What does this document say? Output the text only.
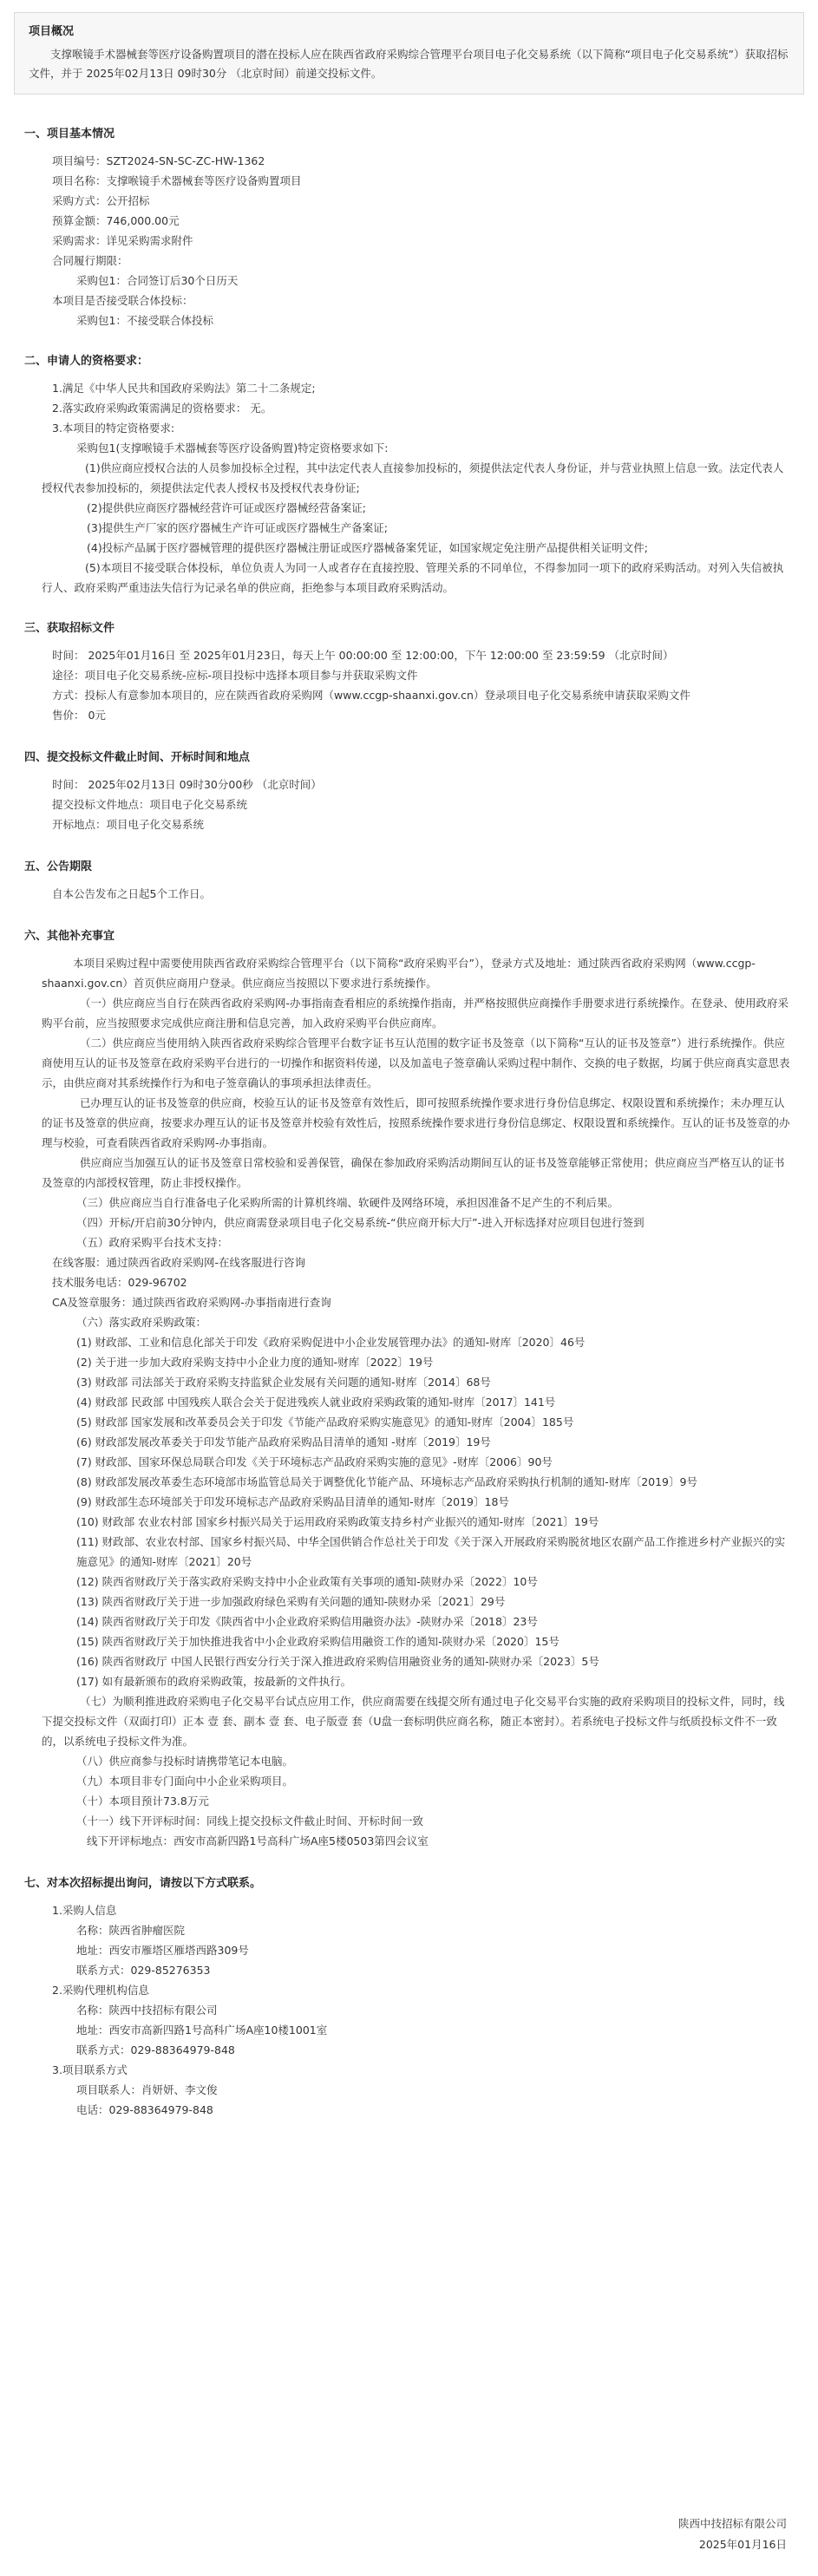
项目概况
支撑喉镜手术器械套等医疗设备购置项目的潜在投标人应在陕西省政府采购综合管理平台项目电子化交易系统（以下简称“项目电子化交易系统”）获取招标文件，并于 2025年02月13日 09时30分 （北京时间）前递交投标文件。
一、项目基本情况
项目编号：SZT2024-SN-SC-ZC-HW-1362
项目名称：支撑喉镜手术器械套等医疗设备购置项目
采购方式：公开招标
预算金额：746,000.00元
采购需求：详见采购需求附件
合同履行期限：
采购包1：合同签订后30个日历天
本项目是否接受联合体投标：
采购包1：不接受联合体投标
二、申请人的资格要求：
1.满足《中华人民共和国政府采购法》第二十二条规定;
2.落实政府采购政策需满足的资格要求： 无。
3.本项目的特定资格要求:
采购包1(支撑喉镜手术器械套等医疗设备购置)特定资格要求如下:
(1)供应商应授权合法的人员参加投标全过程，其中法定代表人直接参加投标的，须提供法定代表人身份证，并与营业执照上信息一致。法定代表人授权代表参加投标的，须提供法定代表人授权书及授权代表身份证;
(2)提供供应商医疗器械经营许可证或医疗器械经营备案证;
(3)提供生产厂家的医疗器械生产许可证或医疗器械生产备案证;
(4)投标产品属于医疗器械管理的提供医疗器械注册证或医疗器械备案凭证，如国家规定免注册产品提供相关证明文件;
(5)本项目不接受联合体投标，单位负责人为同一人或者存在直接控股、管理关系的不同单位，不得参加同一项下的政府采购活动。对列入失信被执行人、政府采购严重违法失信行为记录名单的供应商，拒绝参与本项目政府采购活动。
三、获取招标文件
时间： 2025年01月16日 至 2025年01月23日，每天上午 00:00:00 至 12:00:00，下午 12:00:00 至 23:59:59 （北京时间）
途径：项目电子化交易系统-应标-项目投标中选择本项目参与并获取采购文件
方式：投标人有意参加本项目的，应在陕西省政府采购网（www.ccgp-shaanxi.gov.cn）登录项目电子化交易系统申请获取采购文件
售价： 0元
四、提交投标文件截止时间、开标时间和地点
时间： 2025年02月13日 09时30分00秒 （北京时间）
提交投标文件地点：项目电子化交易系统
开标地点：项目电子化交易系统
五、公告期限
自本公告发布之日起5个工作日。
六、其他补充事宜
本项目采购过程中需要使用陕西省政府采购综合管理平台（以下简称“政府采购平台”），登录方式及地址：通过陕西省政府采购网（www.ccgp-shaanxi.gov.cn）首页供应商用户登录。供应商应当按照以下要求进行系统操作。
（一）供应商应当自行在陕西省政府采购网-办事指南查看相应的系统操作指南，并严格按照供应商操作手册要求进行系统操作。在登录、使用政府采购平台前，应当按照要求完成供应商注册和信息完善，加入政府采购平台供应商库。
（二）供应商应当使用纳入陕西省政府采购综合管理平台数字证书互认范围的数字证书及签章（以下简称“互认的证书及签章”）进行系统操作。供应商使用互认的证书及签章在政府采购平台进行的一切操作和据资料传递，以及加盖电子签章确认采购过程中制作、交换的电子数据，均属于供应商真实意思表示，由供应商对其系统操作行为和电子签章确认的事项承担法律责任。
已办理互认的证书及签章的供应商，校验互认的证书及签章有效性后，即可按照系统操作要求进行身份信息绑定、权限设置和系统操作；未办理互认的证书及签章的供应商，按要求办理互认的证书及签章并校验有效性后，按照系统操作要求进行身份信息绑定、权限设置和系统操作。互认的证书及签章的办理与校验，可查看陕西省政府采购网-办事指南。
供应商应当加强互认的证书及签章日常校验和妥善保管，确保在参加政府采购活动期间互认的证书及签章能够正常使用；供应商应当严格互认的证书及签章的内部授权管理，防止非授权操作。
（三）供应商应当自行准备电子化采购所需的计算机终端、软硬件及网络环境，承担因准备不足产生的不利后果。
（四）开标/开启前30分钟内，供应商需登录项目电子化交易系统-“供应商开标大厅”-进入开标选择对应项目包进行签到
（五）政府采购平台技术支持：
在线客服：通过陕西省政府采购网-在线客服进行咨询
技术服务电话：029-96702
CA及签章服务：通过陕西省政府采购网-办事指南进行查询
（六）落实政府采购政策：
(1) 财政部、工业和信息化部关于印发《政府采购促进中小企业发展管理办法》的通知-财库〔2020〕46号
(2) 关于进一步加大政府采购支持中小企业力度的通知-财库〔2022〕19号
(3) 财政部 司法部关于政府采购支持监狱企业发展有关问题的通知-财库〔2014〕68号
(4) 财政部 民政部 中国残疾人联合会关于促进残疾人就业政府采购政策的通知-财库〔2017〕141号
(5) 财政部 国家发展和改革委员会关于印发《节能产品政府采购实施意见》的通知-财库〔2004〕185号
(6) 财政部发展改革委关于印发节能产品政府采购品目清单的通知 -财库〔2019〕19号
(7) 财政部、国家环保总局联合印发《关于环境标志产品政府采购实施的意见》-财库〔2006〕90号
(8) 财政部发展改革委生态环境部市场监管总局关于调整优化节能产品、环境标志产品政府采购执行机制的通知-财库〔2019〕9号
(9) 财政部生态环境部关于印发环境标志产品政府采购品目清单的通知-财库〔2019〕18号
(10) 财政部 农业农村部 国家乡村振兴局关于运用政府采购政策支持乡村产业振兴的通知-财库〔2021〕19号
(11) 财政部、农业农村部、国家乡村振兴局、中华全国供销合作总社关于印发《关于深入开展政府采购脱贫地区农副产品工作推进乡村产业振兴的实施意见》的通知-财库〔2021〕20号
(12) 陕西省财政厅关于落实政府采购支持中小企业政策有关事项的通知-陕财办采〔2022〕10号
(13) 陕西省财政厅关于进一步加强政府绿色采购有关问题的通知-陕财办采〔2021〕29号
(14) 陕西省财政厅关于印发《陕西省中小企业政府采购信用融资办法》-陕财办采〔2018〕23号
(15) 陕西省财政厅关于加快推进我省中小企业政府采购信用融资工作的通知-陕财办采〔2020〕15号
(16) 陕西省财政厅 中国人民银行西安分行关于深入推进政府采购信用融资业务的通知-陕财办采〔2023〕5号
(17) 如有最新颁布的政府采购政策，按最新的文件执行。
（七）为顺利推进政府采购电子化交易平台试点应用工作，供应商需要在线提交所有通过电子化交易平台实施的政府采购项目的投标文件，同时，线下提交投标文件（双面打印）正本 壹 套、副本 壹 套、电子版壹 套（U盘一套标明供应商名称，随正本密封）。若系统电子投标文件与纸质投标文件不一致的，以系统电子投标文件为准。
（八）供应商参与投标时请携带笔记本电脑。
（九）本项目非专门面向中小企业采购项目。
（十）本项目预计73.8万元
（十一）线下开评标时间：同线上提交投标文件截止时间、开标时间一致
线下开评标地点：西安市高新四路1号高科广场A座5楼0503第四会议室
七、对本次招标提出询问，请按以下方式联系。
1.采购人信息
名称：陕西省肿瘤医院
地址：西安市雁塔区雁塔西路309号
联系方式：029-85276353
2.采购代理机构信息
名称：陕西中技招标有限公司
地址：西安市高新四路1号高科广场A座10楼1001室
联系方式：029-88364979-848
3.项目联系方式
项目联系人：肖妍妍、李文俊
电话：029-88364979-848
陕西中技招标有限公司
2025年01月16日
